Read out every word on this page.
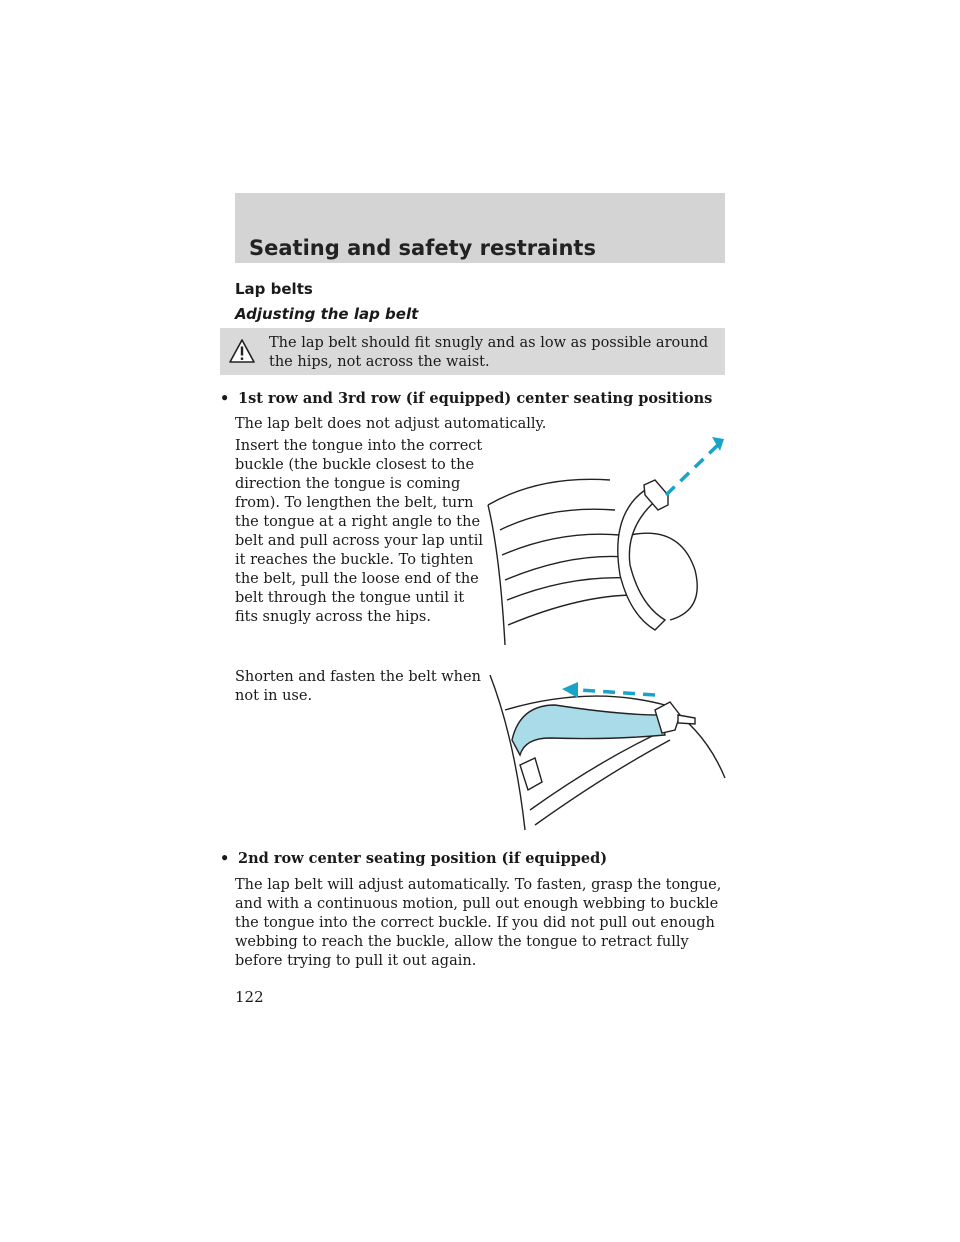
Seating and safety restraints
Lap belts
Adjusting the lap belt
The lap belt should fit snugly and as low as possible around the hips, not across the waist.
• 1st row and 3rd row (if equipped) center seating positions
The lap belt does not adjust automatically.
Insert the tongue into the correct buckle (the buckle closest to the direction the tongue is coming from). To lengthen the belt, turn the tongue at a right angle to the belt and pull across your lap until it reaches the buckle. To tighten the belt, pull the loose end of the belt through the tongue until it fits snugly across the hips.
Shorten and fasten the belt when not in use.
• 2nd row center seating position (if equipped)
The lap belt will adjust automatically. To fasten, grasp the tongue, and with a continuous motion, pull out enough webbing to buckle the tongue into the correct buckle. If you did not pull out enough webbing to reach the buckle, allow the tongue to retract fully before trying to pull it out again.
122
